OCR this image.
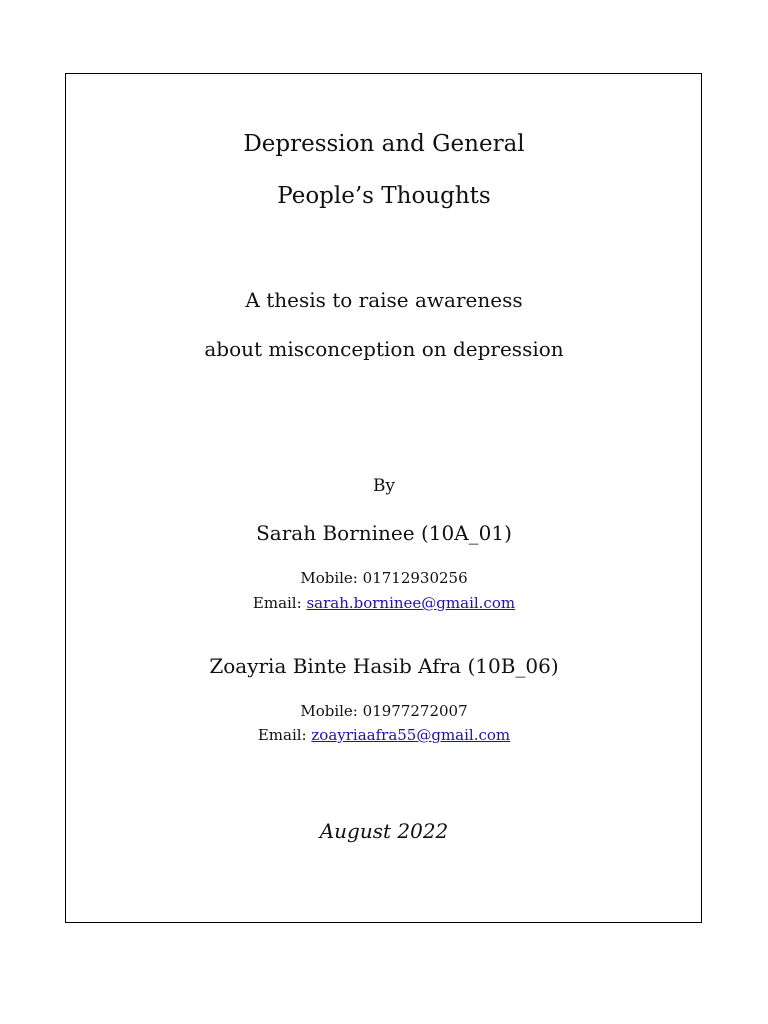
Depression and General
People’s Thoughts
A thesis to raise awareness
about misconception on depression
By
Sarah Borninee (10A_01)
Mobile: 01712930256
Email: sarah.borninee@gmail.com
Zoayria Binte Hasib Afra (10B_06)
Mobile: 01977272007
Email: zoayriaafra55@gmail.com
August 2022
